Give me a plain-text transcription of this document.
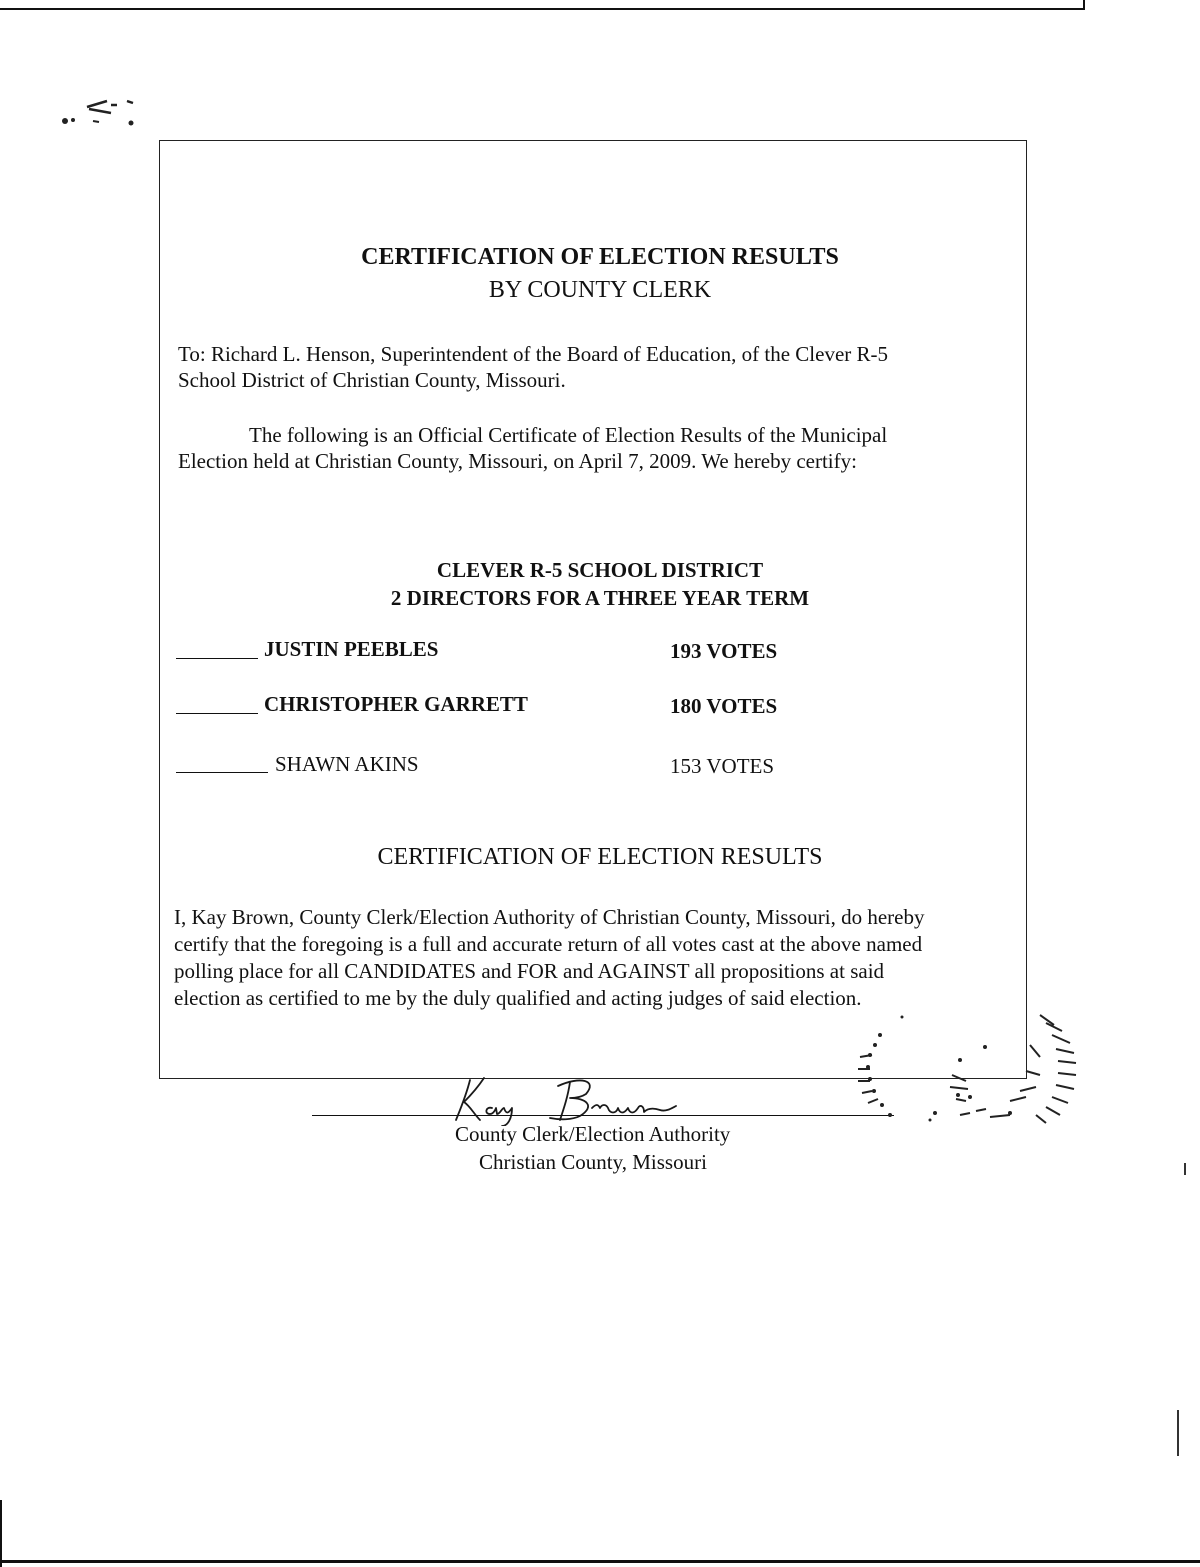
CERTIFICATION OF ELECTION RESULTS
BY COUNTY CLERK
To: Richard L. Henson, Superintendent of the Board of Education, of the Clever R-5
School District of Christian County, Missouri.
The following is an Official Certificate of Election Results of the Municipal
Election held at Christian County, Missouri, on April 7, 2009. We hereby certify:
CLEVER R-5 SCHOOL DISTRICT
2 DIRECTORS FOR A THREE YEAR TERM
JUSTIN PEEBLES	193 VOTES
CHRISTOPHER GARRETT	180 VOTES
SHAWN AKINS	153 VOTES
CERTIFICATION OF ELECTION RESULTS
I, Kay Brown, County Clerk/Election Authority of Christian County, Missouri, do hereby
certify that the foregoing is a full and accurate return of all votes cast at the above named
polling place for all CANDIDATES and FOR and AGAINST all propositions at said
election as certified to me by the duly qualified and acting judges of said election.
County Clerk/Election Authority
Christian County, Missouri
